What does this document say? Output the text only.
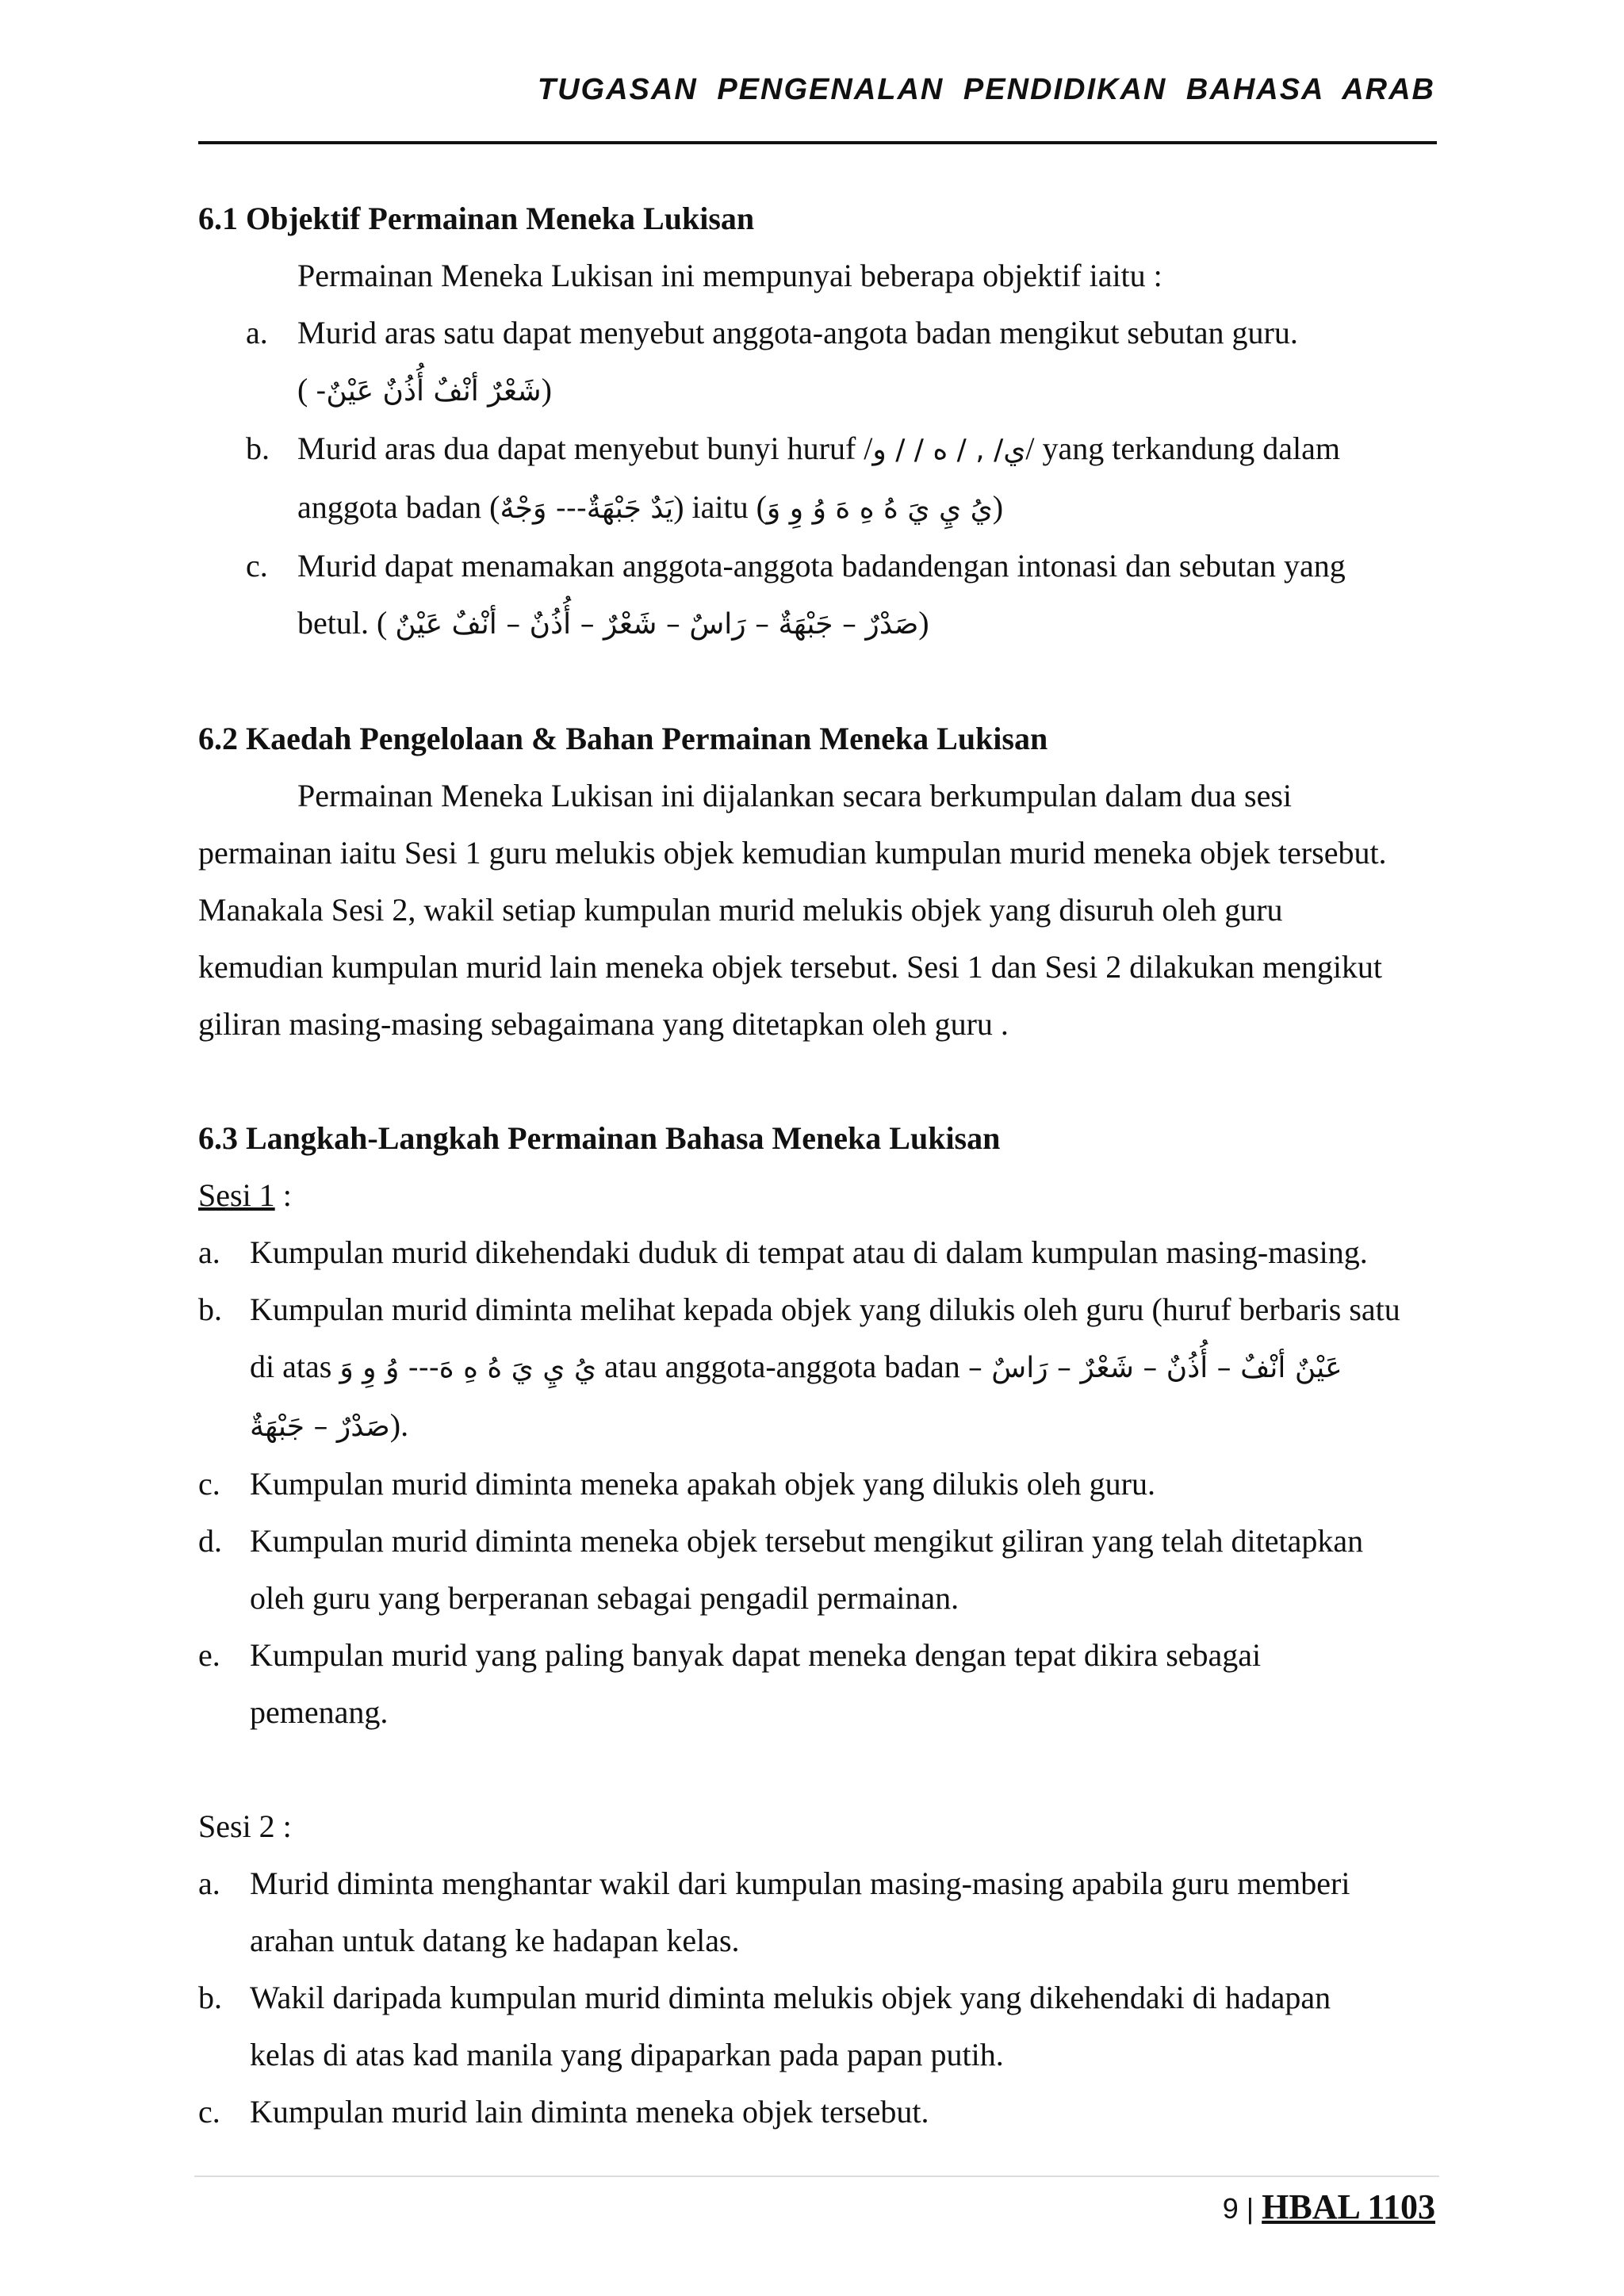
TUGASAN PENGENALAN PENDIDIKAN BAHASA ARAB

6.1 Objektif Permainan Meneka Lukisan

Permainan Meneka Lukisan ini mempunyai beberapa objektif iaitu :

a. Murid aras satu dapat menyebut anggota-angota badan mengikut sebutan guru.
( شَعْرٌ أنْفٌ أُذُنٌ عَيْنٌ-)
b. Murid aras dua dapat menyebut bunyi huruf /ي/ , / ه / / و/ yang terkandung dalam
anggota badan (يَدٌ جَبْهَةٌ--- وَجْهٌ) iaitu (يُ يِ يَ هُ هِ هَ وُ وِ وَ)
c. Murid dapat menamakan anggota-anggota badandengan intonasi dan sebutan yang
betul. ( صَدْرٌ – جَبْهَةٌ – رَاسٌ – شَعْرٌ – أُذُنٌ – أنْفٌ عَيْنٌ)

6.2 Kaedah Pengelolaan & Bahan Permainan Meneka Lukisan

Permainan Meneka Lukisan ini dijalankan secara berkumpulan dalam dua sesi

permainan iaitu Sesi 1 guru melukis objek kemudian kumpulan murid meneka objek tersebut.

Manakala Sesi 2, wakil setiap kumpulan murid melukis objek yang disuruh oleh guru

kemudian kumpulan murid lain meneka objek tersebut. Sesi 1 dan Sesi 2 dilakukan mengikut

giliran masing-masing sebagaimana yang ditetapkan oleh guru .

6.3 Langkah-Langkah Permainan Bahasa Meneka Lukisan

Sesi 1 :

a. Kumpulan murid dikehendaki duduk di tempat atau di dalam kumpulan masing-masing.
b. Kumpulan murid diminta melihat kepada objek yang dilukis oleh guru (huruf berbaris satu
di atas يُ يِ يَ هُ هِ هَ--- وُ وِ وَ atau anggota-anggota badan عَيْنٌ أنْفٌ – أُذُنٌ – شَعْرٌ – رَاسٌ –
صَدْرٌ – جَبْهَةٌ).
c. Kumpulan murid diminta meneka apakah objek yang dilukis oleh guru.
d. Kumpulan murid diminta meneka objek tersebut mengikut giliran yang telah ditetapkan
oleh guru yang berperanan sebagai pengadil permainan.
e. Kumpulan murid yang paling banyak dapat meneka dengan tepat dikira sebagai
pemenang.

Sesi 2 :

a. Murid diminta menghantar wakil dari kumpulan masing-masing apabila guru memberi
arahan untuk datang ke hadapan kelas.
b. Wakil daripada kumpulan murid diminta melukis objek yang dikehendaki di hadapan
kelas di atas kad manila yang dipaparkan pada papan putih.
c. Kumpulan murid lain diminta meneka objek tersebut.
9 | HBAL 1103
